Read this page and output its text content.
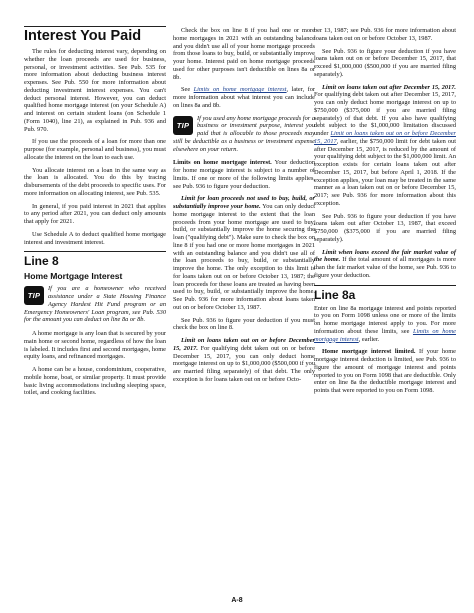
Interest You Paid

The rules for deducting interest vary, depending on whether the loan proceeds are used for business, personal, or investment activities. See Pub. 535 for more information about deducting business interest expenses. See Pub. 550 for more information about deducting investment interest expenses. You can't deduct personal interest. However, you can deduct qualified home mortgage interest (on your Schedule A) and interest on certain student loans (on Schedule 1 (Form 1040), line 21), as explained in Pub. 936 and Pub. 970.

If you use the proceeds of a loan for more than one purpose (for example, personal and business), you must allocate the interest on the loan to each use.

You allocate interest on a loan in the same way as the loan is allocated. You do this by tracing disbursements of the debt proceeds to specific uses. For more information on allocating interest, see Pub. 535.

In general, if you paid interest in 2021 that applies to any period after 2021, you can deduct only amounts that apply for 2021.

Use Schedule A to deduct qualified home mortgage interest and investment interest.

Line 8
Home Mortgage Interest
TIP
If you are a homeowner who received assistance under a State Housing Finance Agency Hardest Hit Fund program or an Emergency Homeowners' Loan program, see Pub. 530 for the amount you can deduct on line 8a or 8b.

A home mortgage is any loan that is secured by your main home or second home, regardless of how the loan is labeled. It includes first and second mortgages, home equity loans, and refinanced mortgages.

A home can be a house, condominium, cooperative, mobile home, boat, or similar property. It must provide basic living accommodations including sleeping space, toilet, and cooking facilities.

Check the box on line 8 if you had one or more home mortgages in 2021 with an outstanding balance and you didn't use all of your home mortgage proceeds from those loans to buy, build, or substantially improve your home. Interest paid on home mortgage proceeds used for other purposes isn't deductible on lines 8a or 8b.

See Limits on home mortgage interest, later, for more information about what interest you can include on lines 8a and 8b.

TIP
If you used any home mortgage proceeds for a business or investment purpose, interest you paid that is allocable to those proceeds may still be deductible as a business or investment expense elsewhere on your return.

Limits on home mortgage interest. Your deduction for home mortgage interest is subject to a number of limits. If one or more of the following limits applies, see Pub. 936 to figure your deduction.

Limit for loan proceeds not used to buy, build, or substantially improve your home. You can only deduct home mortgage interest to the extent that the loan proceeds from your home mortgage are used to buy, build, or substantially improve the home securing the loan ("qualifying debt"). Make sure to check the box on line 8 if you had one or more home mortgages in 2021 with an outstanding balance and you didn't use all of the loan proceeds to buy, build, or substantially improve the home. The only exception to this limit is for loans taken out on or before October 13, 1987; the loan proceeds for these loans are treated as having been used to buy, build, or substantially improve the home. See Pub. 936 for more information about loans taken out on or before October 13, 1987.

See Pub. 936 to figure your deduction if you must check the box on line 8.

Limit on loans taken out on or before December 15, 2017. For qualifying debt taken out on or before December 15, 2017, you can only deduct home mortgage interest on up to $1,000,000 ($500,000 if you are married filing separately) of that debt. The only exception is for loans taken out on or before Octo-

ber 13, 1987; see Pub. 936 for more information about loans taken out on or before October 13, 1987.

See Pub. 936 to figure your deduction if you have loans taken out on or before December 15, 2017, that exceed $1,000,000 ($500,000 if you are married filing separately).

Limit on loans taken out after December 15, 2017. For qualifying debt taken out after December 15, 2017, you can only deduct home mortgage interest on up to $750,000 ($375,000 if you are married filing separately) of that debt. If you also have qualifying debt subject to the $1,000,000 limitation discussed under Limit on loans taken out on or before December 15, 2017, earlier, the $750,000 limit for debt taken out after December 15, 2017, is reduced by the amount of your qualifying debt subject to the $1,000,000 limit. An exception exists for certain loans taken out after December 15, 2017, but before April 1, 2018. If the exception applies, your loan may be treated in the same manner as a loan taken out on or before December 15, 2017; see Pub. 936 for more information about this exception.

See Pub. 936 to figure your deduction if you have loans taken out after October 13, 1987, that exceed $750,000 ($375,000 if you are married filing separately).

Limit when loans exceed the fair market value of the home. If the total amount of all mortgages is more than the fair market value of the home, see Pub. 936 to figure your deduction.

Line 8a

Enter on line 8a mortgage interest and points reported to you on Form 1098 unless one or more of the limits on home mortgage interest apply to you. For more information about these limits, see Limits on home mortgage interest, earlier.

Home mortgage interest limited. If your home mortgage interest deduction is limited, see Pub. 936 to figure the amount of mortgage interest and points reported to you on Form 1098 that are deductible. Only enter on line 8a the deductible mortgage interest and points that were reported to you on Form 1098.

A-8
